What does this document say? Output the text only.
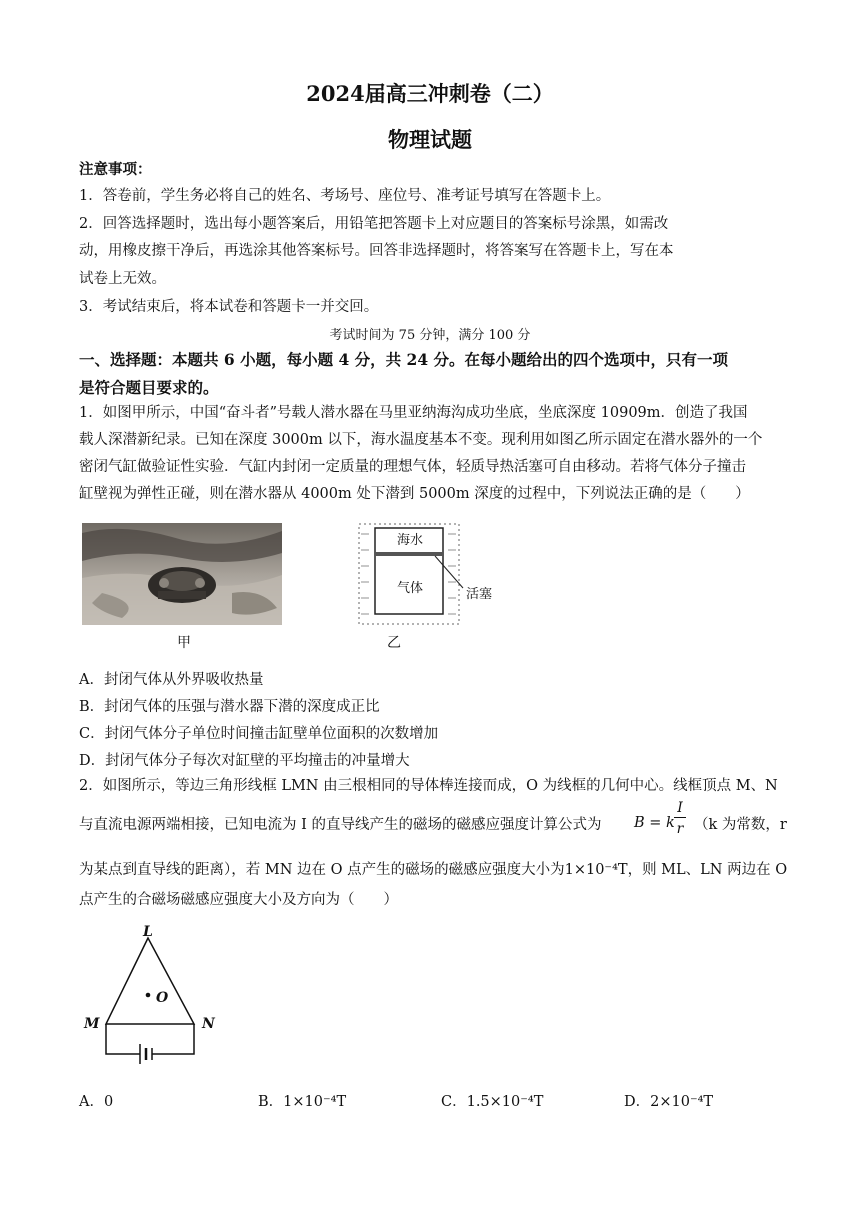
2024届高三冲刺卷（二）
物理试题
注意事项：
1．答卷前，学生务必将自己的姓名、考场号、座位号、准考证号填写在答题卡上。
2．回答选择题时，选出每小题答案后，用铅笔把答题卡上对应题目的答案标号涂黑，如需改
动，用橡皮擦干净后，再选涂其他答案标号。回答非选择题时，将答案写在答题卡上，写在本
试卷上无效。
3．考试结束后，将本试卷和答题卡一并交回。
考试时间为 75 分钟，满分 100 分
一、选择题：本题共 6 小题，每小题 4 分，共 24 分。在每小题给出的四个选项中，只有一项
是符合题目要求的。
1．如图甲所示，中国“奋斗者”号载人潜水器在马里亚纳海沟成功坐底，坐底深度 10909m．创造了我国
载人深潜新纪录。已知在深度 3000m 以下，海水温度基本不变。现利用如图乙所示固定在潜水器外的一个
密闭气缸做验证性实验．气缸内封闭一定质量的理想气体，轻质导热活塞可自由移动。若将气体分子撞击
缸壁视为弹性正碰，则在潜水器从 4000m 处下潜到 5000m 深度的过程中，下列说法正确的是（　　）
甲
海水
气体	活塞
乙
A．封闭气体从外界吸收热量
B．封闭气体的压强与潜水器下潜的深度成正比
C．封闭气体分子单位时间撞击缸壁单位面积的次数增加
D．封闭气体分子每次对缸壁的平均撞击的冲量增大
2．如图所示，等边三角形线框 LMN 由三根相同的导体棒连接而成，O 为线框的几何中心。线框顶点 M、N
与直流电源两端相接，已知电流为 I 的直导线产生的磁场的磁感应强度计算公式为 B = k
I
r （k 为常数，r
为某点到直导线的距离），若 MN 边在 O 点产生的磁场的磁感应强度大小为1×10⁻⁴T，则 ML、LN 两边在 O
点产生的合磁场磁感应强度大小及方向为（　　）
L
O
M	N
A．0	B．1×10⁻⁴T	C．1.5×10⁻⁴T	D．2×10⁻⁴T
